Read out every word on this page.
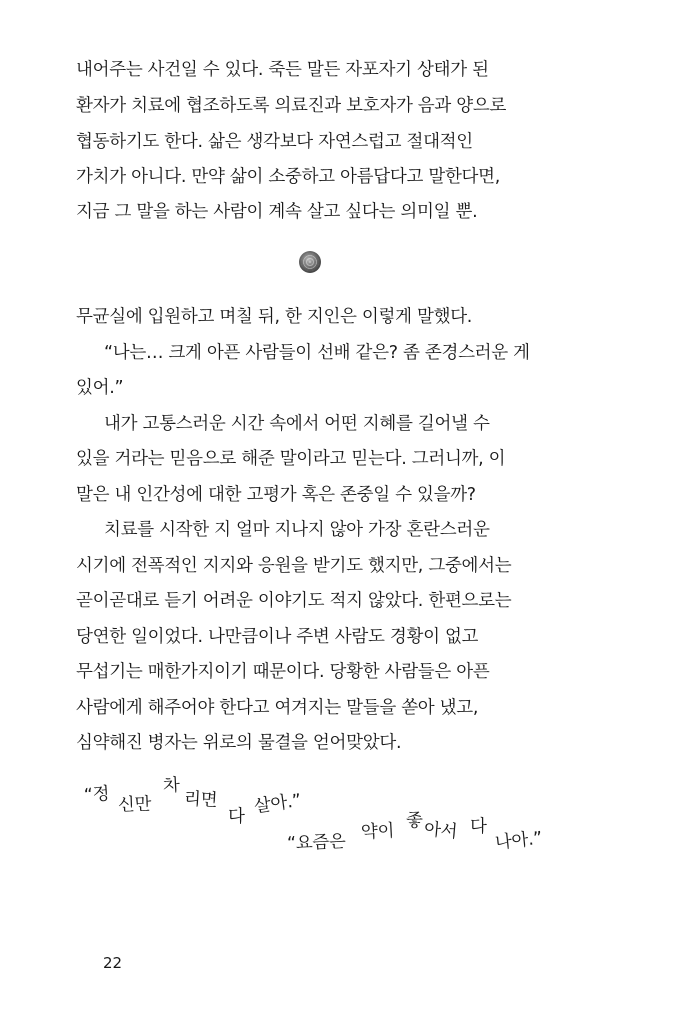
내어주는 사건일 수 있다. 죽든 말든 자포자기 상태가 된
환자가 치료에 협조하도록 의료진과 보호자가 음과 양으로
협동하기도 한다. 삶은 생각보다 자연스럽고 절대적인
가치가 아니다. 만약 삶이 소중하고 아름답다고 말한다면,
지금 그 말을 하는 사람이 계속 살고 싶다는 의미일 뿐.
무균실에 입원하고 며칠 뒤, 한 지인은 이렇게 말했다.
“나는… 크게 아픈 사람들이 선배 같은? 좀 존경스러운 게
있어.”
내가 고통스러운 시간 속에서 어떤 지혜를 길어낼 수
있을 거라는 믿음으로 해준 말이라고 믿는다. 그러니까, 이
말은 내 인간성에 대한 고평가 혹은 존중일 수 있을까?
치료를 시작한 지 얼마 지나지 않아 가장 혼란스러운
시기에 전폭적인 지지와 응원을 받기도 했지만, 그중에서는
곧이곧대로 듣기 어려운 이야기도 적지 않았다. 한편으로는
당연한 일이었다. 나만큼이나 주변 사람도 경황이 없고
무섭기는 매한가지이기 때문이다. 당황한 사람들은 아픈
사람에게 해주어야 한다고 여겨지는 말들을 쏟아 냈고,
심약해진 병자는 위로의 물결을 얻어맞았다.
“정 신만
차
리면
다 살아.”
“요즘은 약이
좋 아서 다
나아.”
22
